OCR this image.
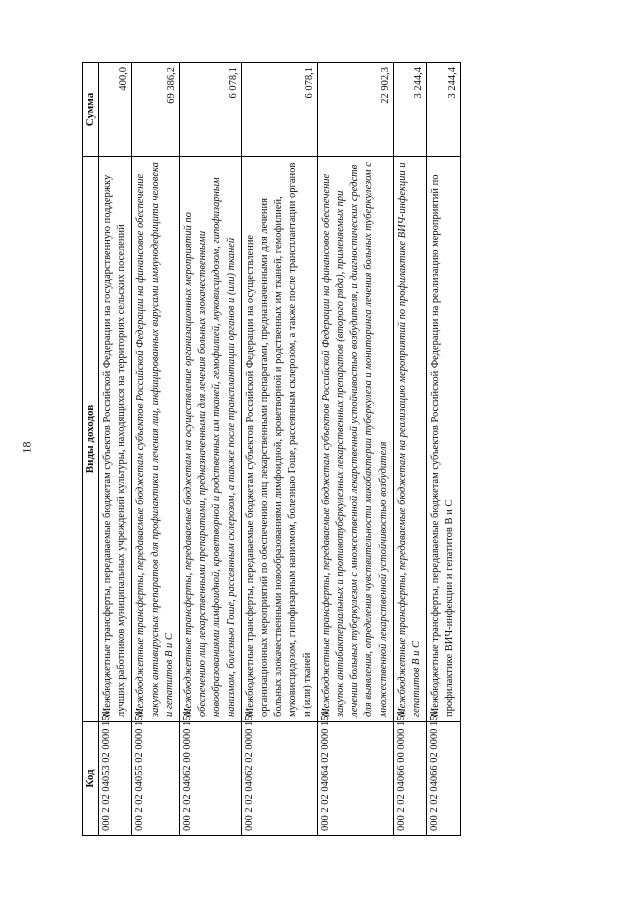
18
Код	Виды доходов	Сумма
000 2 02 04053 02 0000 151	Межбюджетные трансферты, передаваемые бюджетам субъектов Российской Федерации на государственную поддержку лучших работников муниципальных учреждений культуры, находящихся на территориях сельских поселений	400,0
000 2 02 04055 02 0000 151	Межбюджетные трансферты, передаваемые бюджетам субъектов Российской Федерации на финансовое обеспечение закупок антивирусных препаратов для профилактики и лечения лиц, инфицированных вирусами иммунодефицита человека и гепатитов B и C	69 386,2
000 2 02 04062 00 0000 151	Межбюджетные трансферты, передаваемые бюджетам на осуществление организационных мероприятий по обеспечению лиц лекарственными препаратами, предназначенными для лечения больных злокачественными новообразованиями лимфоидной, кроветворной и родственных им тканей, гемофилией, муковисцидозом, гипофизарным нанизмом, болезнью Гоше, рассеянным склерозом, а также после трансплантации органов и (или) тканей	6 078,1
000 2 02 04062 02 0000 151	Межбюджетные трансферты, передаваемые бюджетам субъектов Российской Федерации на осуществление организационных мероприятий по обеспечению лиц лекарственными препаратами, предназначенными для лечения больных злокачественными новообразованиями лимфоидной, кроветворной и родственных им тканей, гемофилией, муковисцидозом, гипофизарным нанизмом, болезнью Гоше, рассеянным склерозом, а также после трансплантации органов и (или) тканей	6 078,1
000 2 02 04064 02 0000 151	Межбюджетные трансферты, передаваемые бюджетам субъектов Российской Федерации на финансовое обеспечение закупок антибактериальных и противотуберкулезных лекарственных препаратов (второго ряда), применяемых при лечении больных туберкулезом с множественной лекарственной устойчивостью возбудителя, и диагностических средств для выявления, определения чувствительности микобактерии туберкулеза и мониторинга лечения больных туберкулезом с множественной лекарственной устойчивостью возбудителя	22 902,3
000 2 02 04066 00 0000 151	Межбюджетные трансферты, передаваемые бюджетам на реализацию мероприятий по профилактике ВИЧ-инфекции и гепатитов B и C	3 244,4
000 2 02 04066 02 0000 151	Межбюджетные трансферты, передаваемые бюджетам субъектов Российской Федерации на реализацию мероприятий по профилактике ВИЧ-инфекции и гепатитов B и C	3 244,4
